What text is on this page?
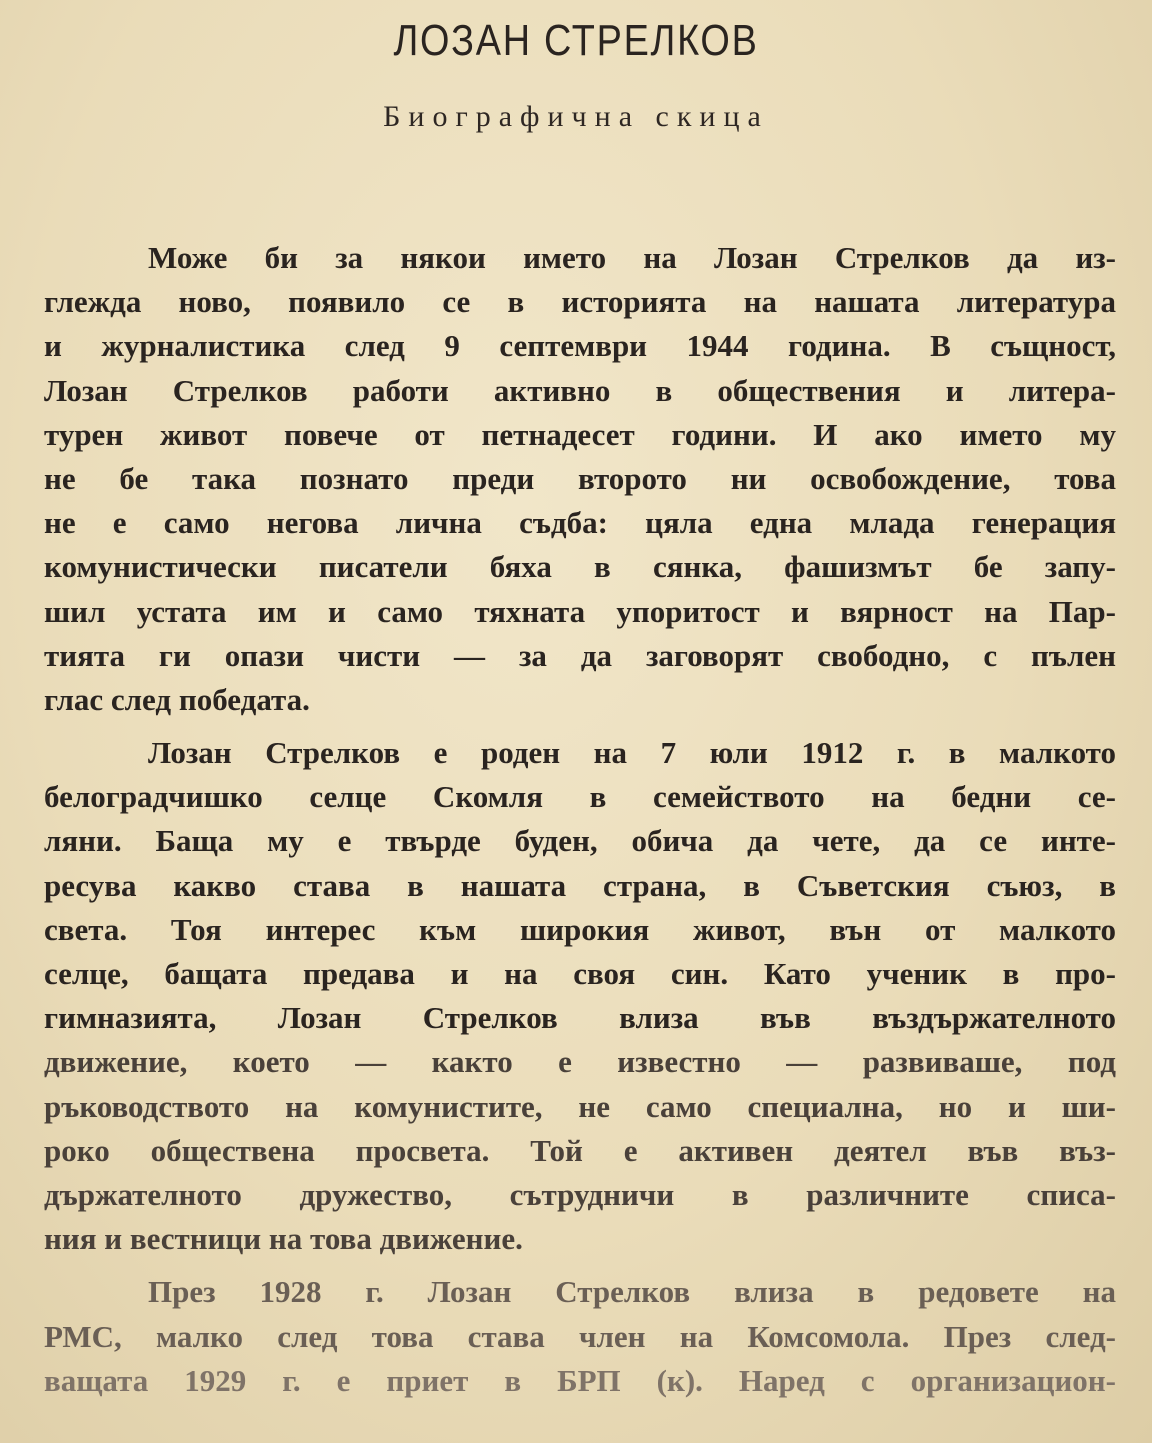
ЛОЗАН СТРЕЛКОВ
Биографична скица
Може би за някои името на Лозан Стрелков да из-
глежда ново, появило се в историята на нашата литература
и журналистика след 9 септември 1944 година. В същност,
Лозан Стрелков работи активно в обществения и литера-
турен живот повече от петнадесет години. И ако името му
не бе така познато преди второто ни освобождение, това
не е само негова лична съдба: цяла една млада генерация
комунистически писатели бяха в сянка, фашизмът бе запу-
шил устата им и само тяхната упоритост и вярност на Пар-
тията ги опази чисти — за да заговорят свободно, с пълен
глас след победата.
Лозан Стрелков е роден на 7 юли 1912 г. в малкото
белоградчишко селце Скомля в семейството на бедни се-
ляни. Баща му е твърде буден, обича да чете, да се инте-
ресува какво става в нашата страна, в Съветския съюз, в
света. Тоя интерес към широкия живот, вън от малкото
селце, бащата предава и на своя син. Като ученик в про-
гимназията, Лозан Стрелков влиза във въздържателното
движение, което — както е известно — развиваше, под
ръководството на комунистите, не само специална, но и ши-
роко обществена просвета. Той е активен деятел във въз-
държателното дружество, сътрудничи в различните списа-
ния и вестници на това движение.
През 1928 г. Лозан Стрелков влиза в редовете на
РМС, малко след това става член на Комсомола. През след-
ващата 1929 г. е приет в БРП (к). Наред с организацион-
